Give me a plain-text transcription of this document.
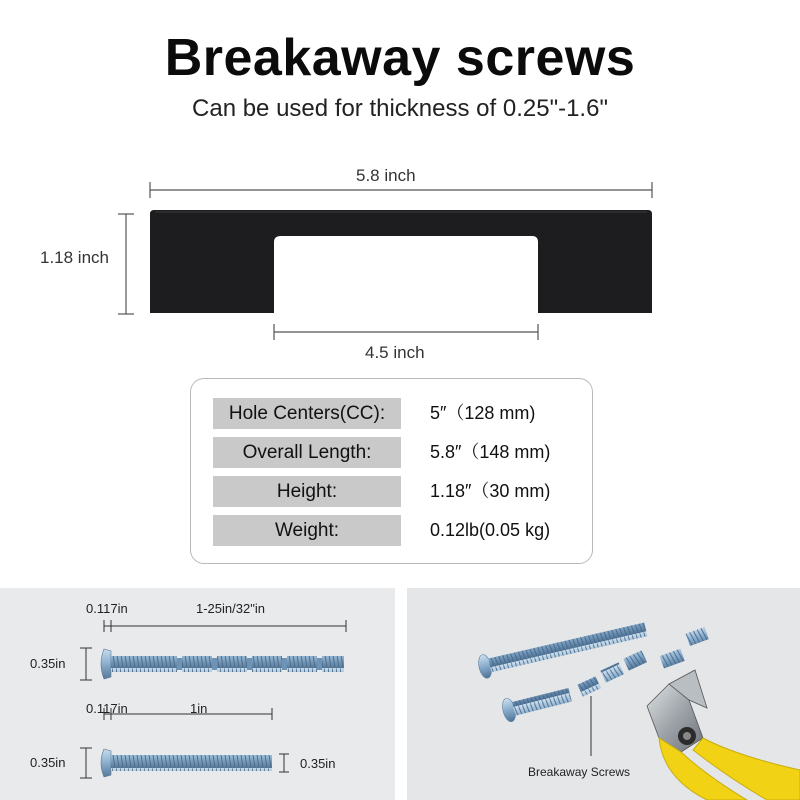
Breakaway screws
Can be used for thickness of 0.25"-1.6"
5.8 inch
1.18 inch
4.5 inch
Hole Centers(CC):	5″（128 mm)
Overall Length:	5.8″（148 mm)
Height:	1.18″（30 mm)
Weight:	0.12lb(0.05 kg)
0.117in	1-25in/32"in
0.35in
0.117in	1in
0.35in	0.35in
Breakaway Screws
